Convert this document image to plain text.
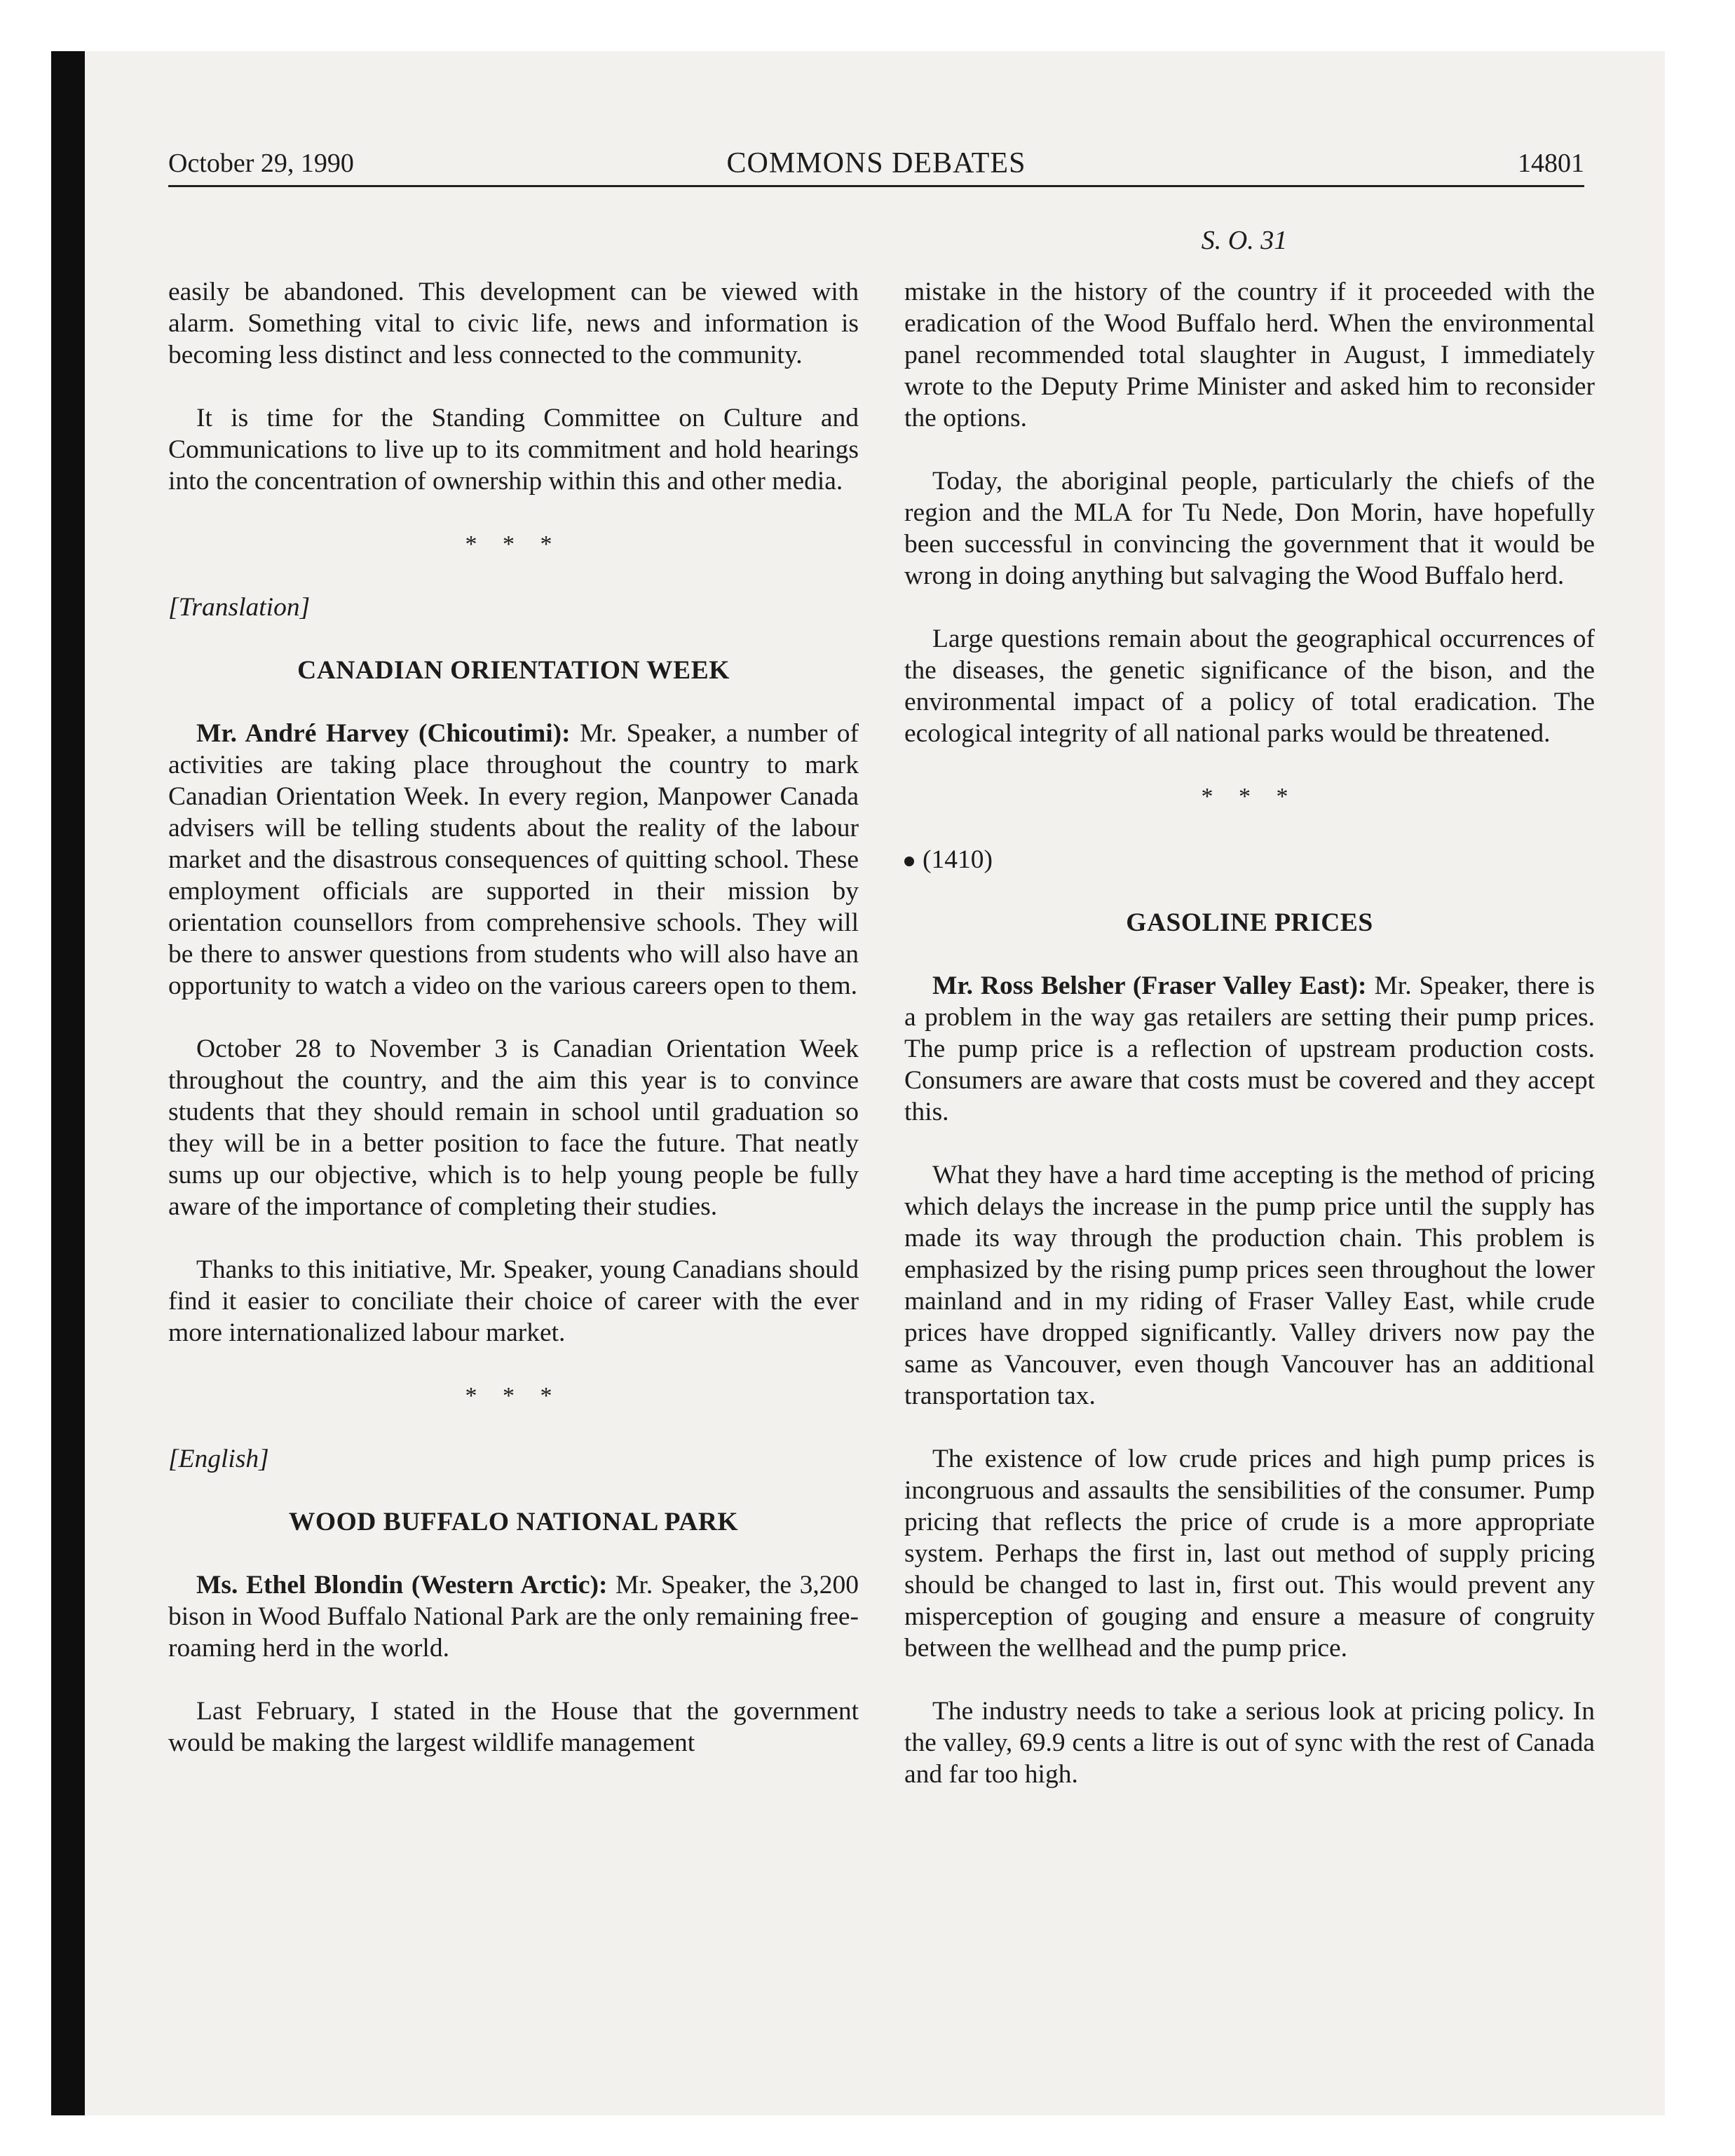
October 29, 1990	COMMONS DEBATES	14801
S. O. 31

easily be abandoned. This development can be viewed with alarm. Something vital to civic life, news and information is becoming less distinct and less connected to the community.

It is time for the Standing Committee on Culture and Communications to live up to its commitment and hold hearings into the concentration of ownership within this and other media.

* * *
[Translation]
CANADIAN ORIENTATION WEEK

Mr. André Harvey (Chicoutimi): Mr. Speaker, a number of activities are taking place throughout the country to mark Canadian Orientation Week. In every region, Manpower Canada advisers will be telling students about the reality of the labour market and the disastrous consequences of quitting school. These employment officials are supported in their mission by orientation counsellors from comprehensive schools. They will be there to answer questions from students who will also have an opportunity to watch a video on the various careers open to them.

October 28 to November 3 is Canadian Orientation Week throughout the country, and the aim this year is to convince students that they should remain in school until graduation so they will be in a better position to face the future. That neatly sums up our objective, which is to help young people be fully aware of the importance of completing their studies.

Thanks to this initiative, Mr. Speaker, young Canadians should find it easier to conciliate their choice of career with the ever more internationalized labour market.

* * *
[English]
WOOD BUFFALO NATIONAL PARK

Ms. Ethel Blondin (Western Arctic): Mr. Speaker, the 3,200 bison in Wood Buffalo National Park are the only remaining free-roaming herd in the world.

Last February, I stated in the House that the government would be making the largest wildlife management

mistake in the history of the country if it proceeded with the eradication of the Wood Buffalo herd. When the environmental panel recommended total slaughter in August, I immediately wrote to the Deputy Prime Minister and asked him to reconsider the options.

Today, the aboriginal people, particularly the chiefs of the region and the MLA for Tu Nede, Don Morin, have hopefully been successful in convincing the government that it would be wrong in doing anything but salvaging the Wood Buffalo herd.

Large questions remain about the geographical occurrences of the diseases, the genetic significance of the bison, and the environmental impact of a policy of total eradication. The ecological integrity of all national parks would be threatened.

* * *
(1410)
GASOLINE PRICES

Mr. Ross Belsher (Fraser Valley East): Mr. Speaker, there is a problem in the way gas retailers are setting their pump prices. The pump price is a reflection of upstream production costs. Consumers are aware that costs must be covered and they accept this.

What they have a hard time accepting is the method of pricing which delays the increase in the pump price until the supply has made its way through the production chain. This problem is emphasized by the rising pump prices seen throughout the lower mainland and in my riding of Fraser Valley East, while crude prices have dropped significantly. Valley drivers now pay the same as Vancouver, even though Vancouver has an additional transportation tax.

The existence of low crude prices and high pump prices is incongruous and assaults the sensibilities of the consumer. Pump pricing that reflects the price of crude is a more appropriate system. Perhaps the first in, last out method of supply pricing should be changed to last in, first out. This would prevent any misperception of gouging and ensure a measure of congruity between the wellhead and the pump price.

The industry needs to take a serious look at pricing policy. In the valley, 69.9 cents a litre is out of sync with the rest of Canada and far too high.
